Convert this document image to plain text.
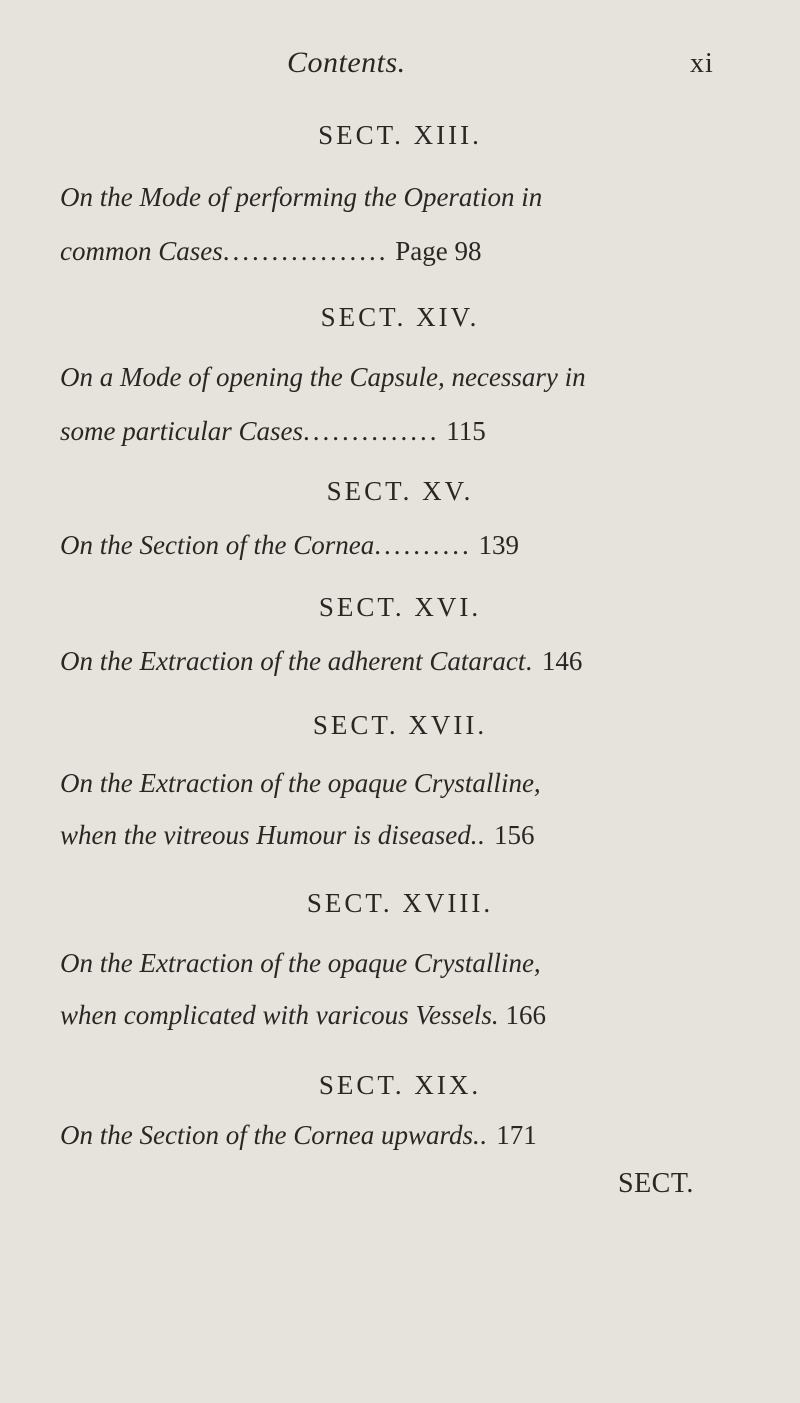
Contents.	xi
SECT. XIII.
On the Mode of performing the Operation in
common Cases................. Page 98
SECT. XIV.
On a Mode of opening the Capsule, necessary in
some particular Cases.............. 115
SECT. XV.
On the Section of the Cornea.......... 139
SECT. XVI.
On the Extraction of the adherent Cataract. 146
SECT. XVII.
On the Extraction of the opaque Crystalline,
when the vitreous Humour is diseased.. 156
SECT. XVIII.
On the Extraction of the opaque Crystalline,
when complicated with varicous Vessels. 166
SECT. XIX.
On the Section of the Cornea upwards.. 171
SECT.
